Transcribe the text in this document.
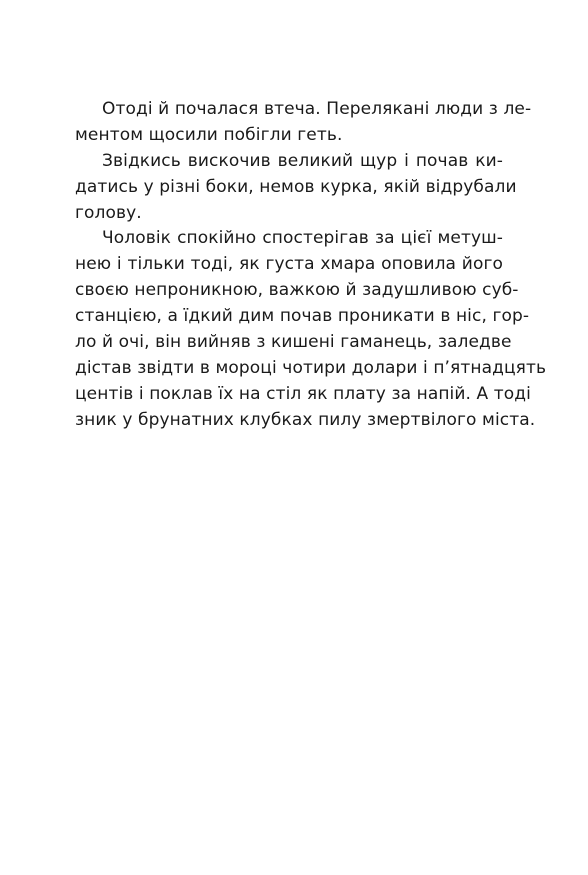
Отоді й почалася втеча. Перелякані люди з ле-
ментом щосили побігли геть.

Звідкись вискочив великий щур і почав ки-
датись у різні боки, немов курка, якій відрубали
голову.

Чоловік спокійно спостерігав за цієї метуш-
нею і тільки тоді, як густа хмара оповила його
своєю непроникною, важкою й задушливою суб-
станцією, а їдкий дим почав проникати в ніс, гор-
ло й очі, він вийняв з кишені гаманець, заледве
дістав звідти в мороці чотири долари і п’ятнадцять
центів і поклав їх на стіл як плату за напій. А тоді
зник у брунатних клубках пилу змертвілого міста.
